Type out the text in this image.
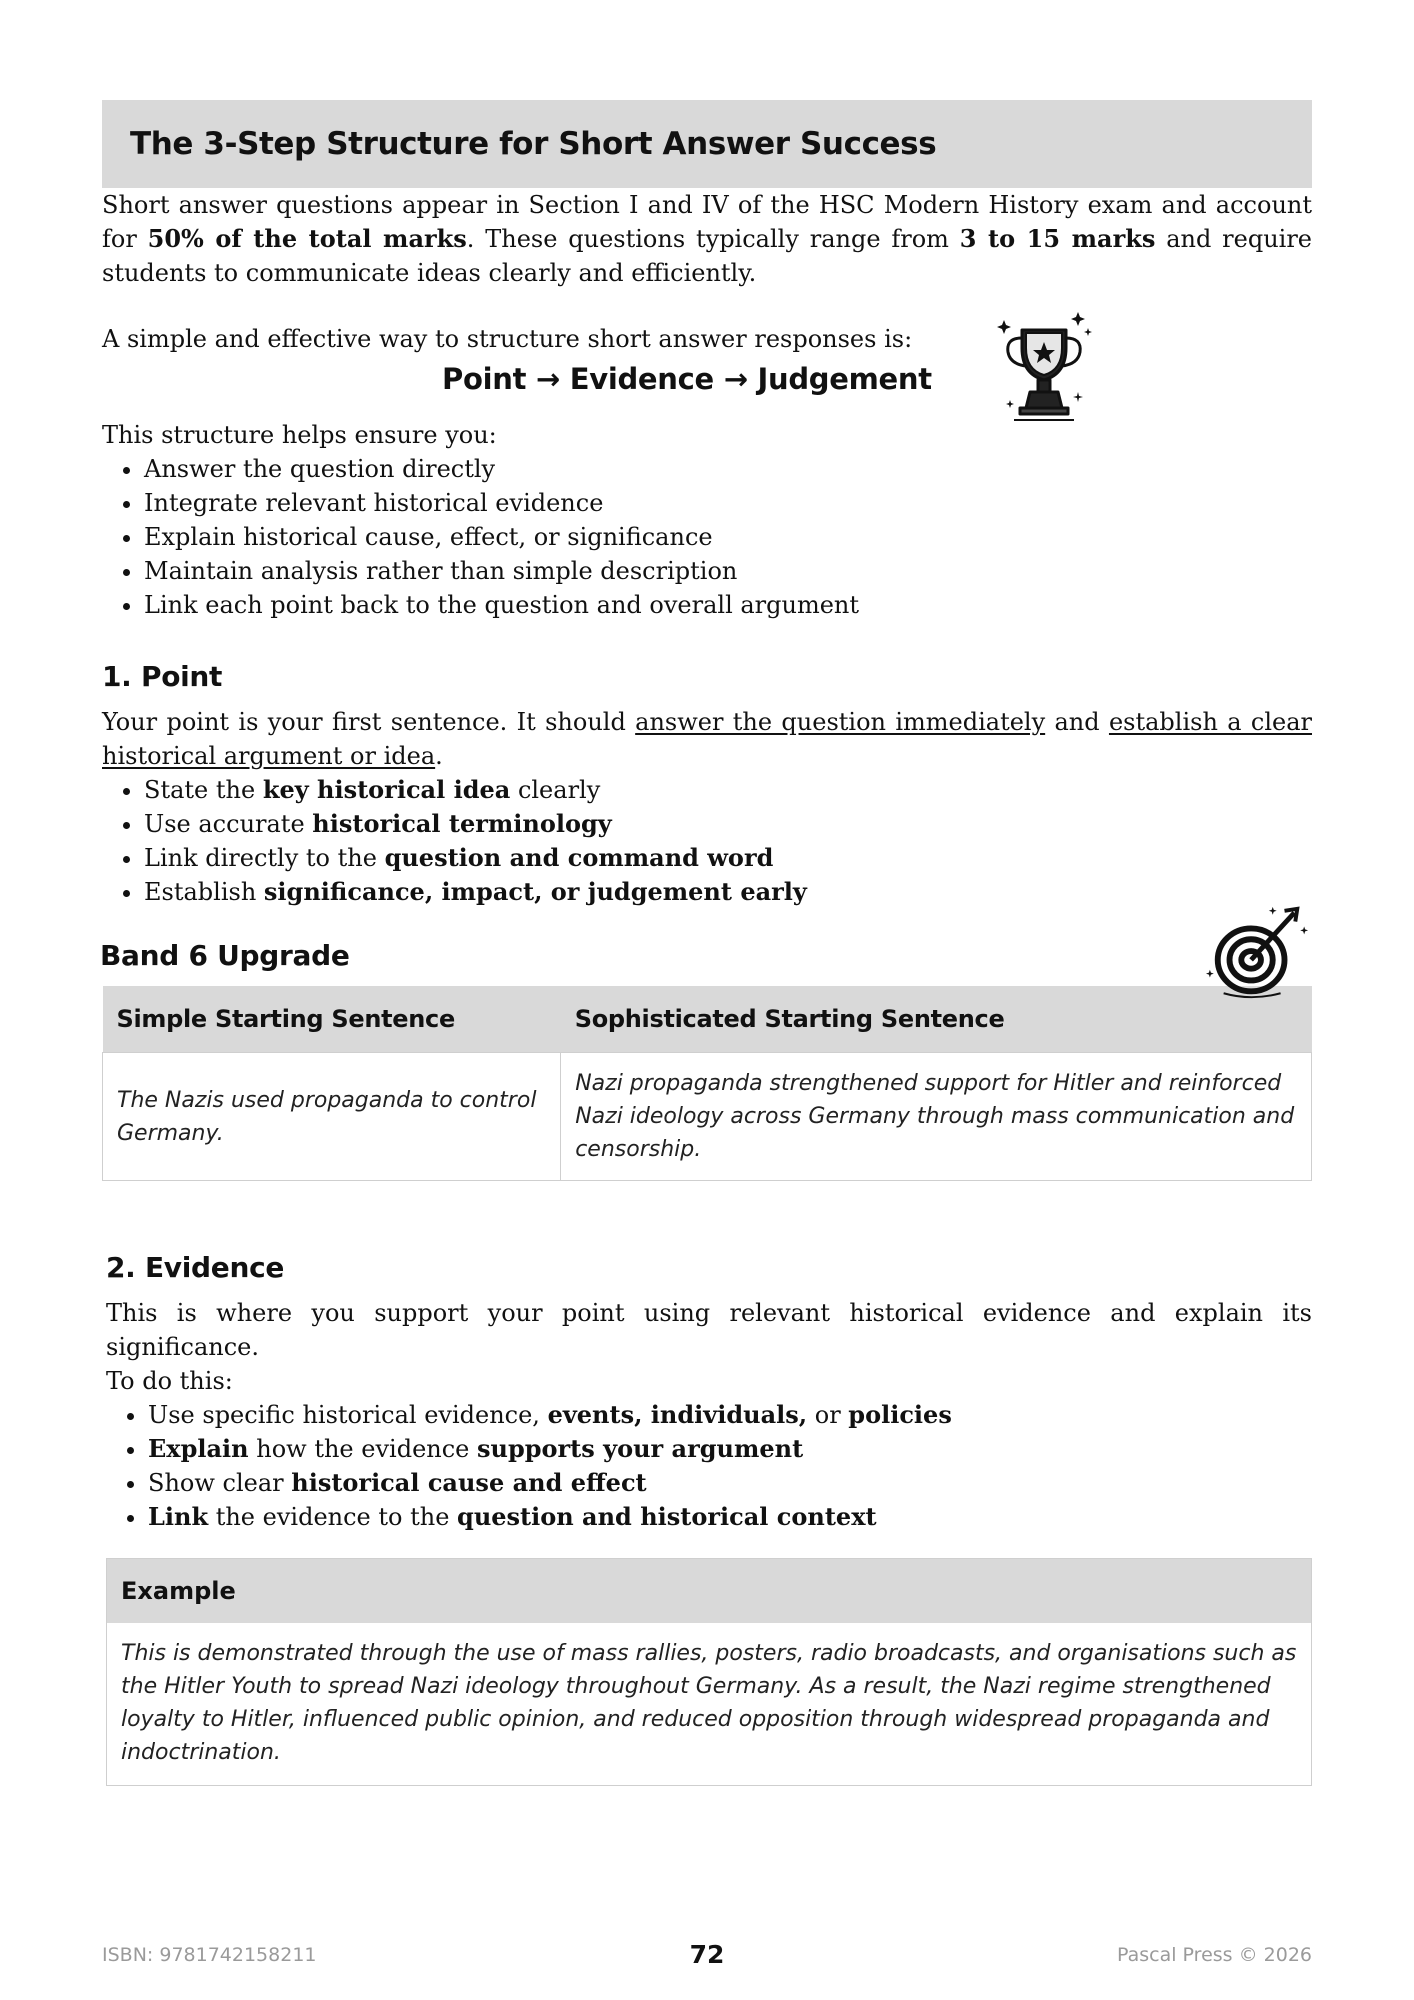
The 3-Step Structure for Short Answer Success

Short answer questions appear in Section I and IV of the HSC Modern History exam and account for 50% of the total marks. These questions typically range from 3 to 15 marks and require students to communicate ideas clearly and efficiently.

A simple and effective way to structure short answer responses is:

Point → Evidence → Judgement

This structure helps ensure you:

• Answer the question directly
• Integrate relevant historical evidence
• Explain historical cause, effect, or significance
• Maintain analysis rather than simple description
• Link each point back to the question and overall argument
1. Point

Your point is your first sentence. It should answer the question immediately and establish a clear historical argument or idea.

• State the key historical idea clearly
• Use accurate historical terminology
• Link directly to the question and command word
• Establish significance, impact, or judgement early
Band 6 Upgrade
Simple Starting Sentence	Sophisticated Starting Sentence
The Nazis used propaganda to control Germany.	Nazi propaganda strengthened support for Hitler and reinforced Nazi ideology across Germany through mass communication and censorship.
2. Evidence

This is where you support your point using relevant historical evidence and explain its significance.

To do this:

• Use specific historical evidence, events, individuals, or policies
• Explain how the evidence supports your argument
• Show clear historical cause and effect
• Link the evidence to the question and historical context
Example
This is demonstrated through the use of mass rallies, posters, radio broadcasts, and organisations such as the Hitler Youth to spread Nazi ideology throughout Germany. As a result, the Nazi regime strengthened loyalty to Hitler, influenced public opinion, and reduced opposition through widespread propaganda and indoctrination.
ISBN: 9781742158211	72	Pascal Press © 2026
